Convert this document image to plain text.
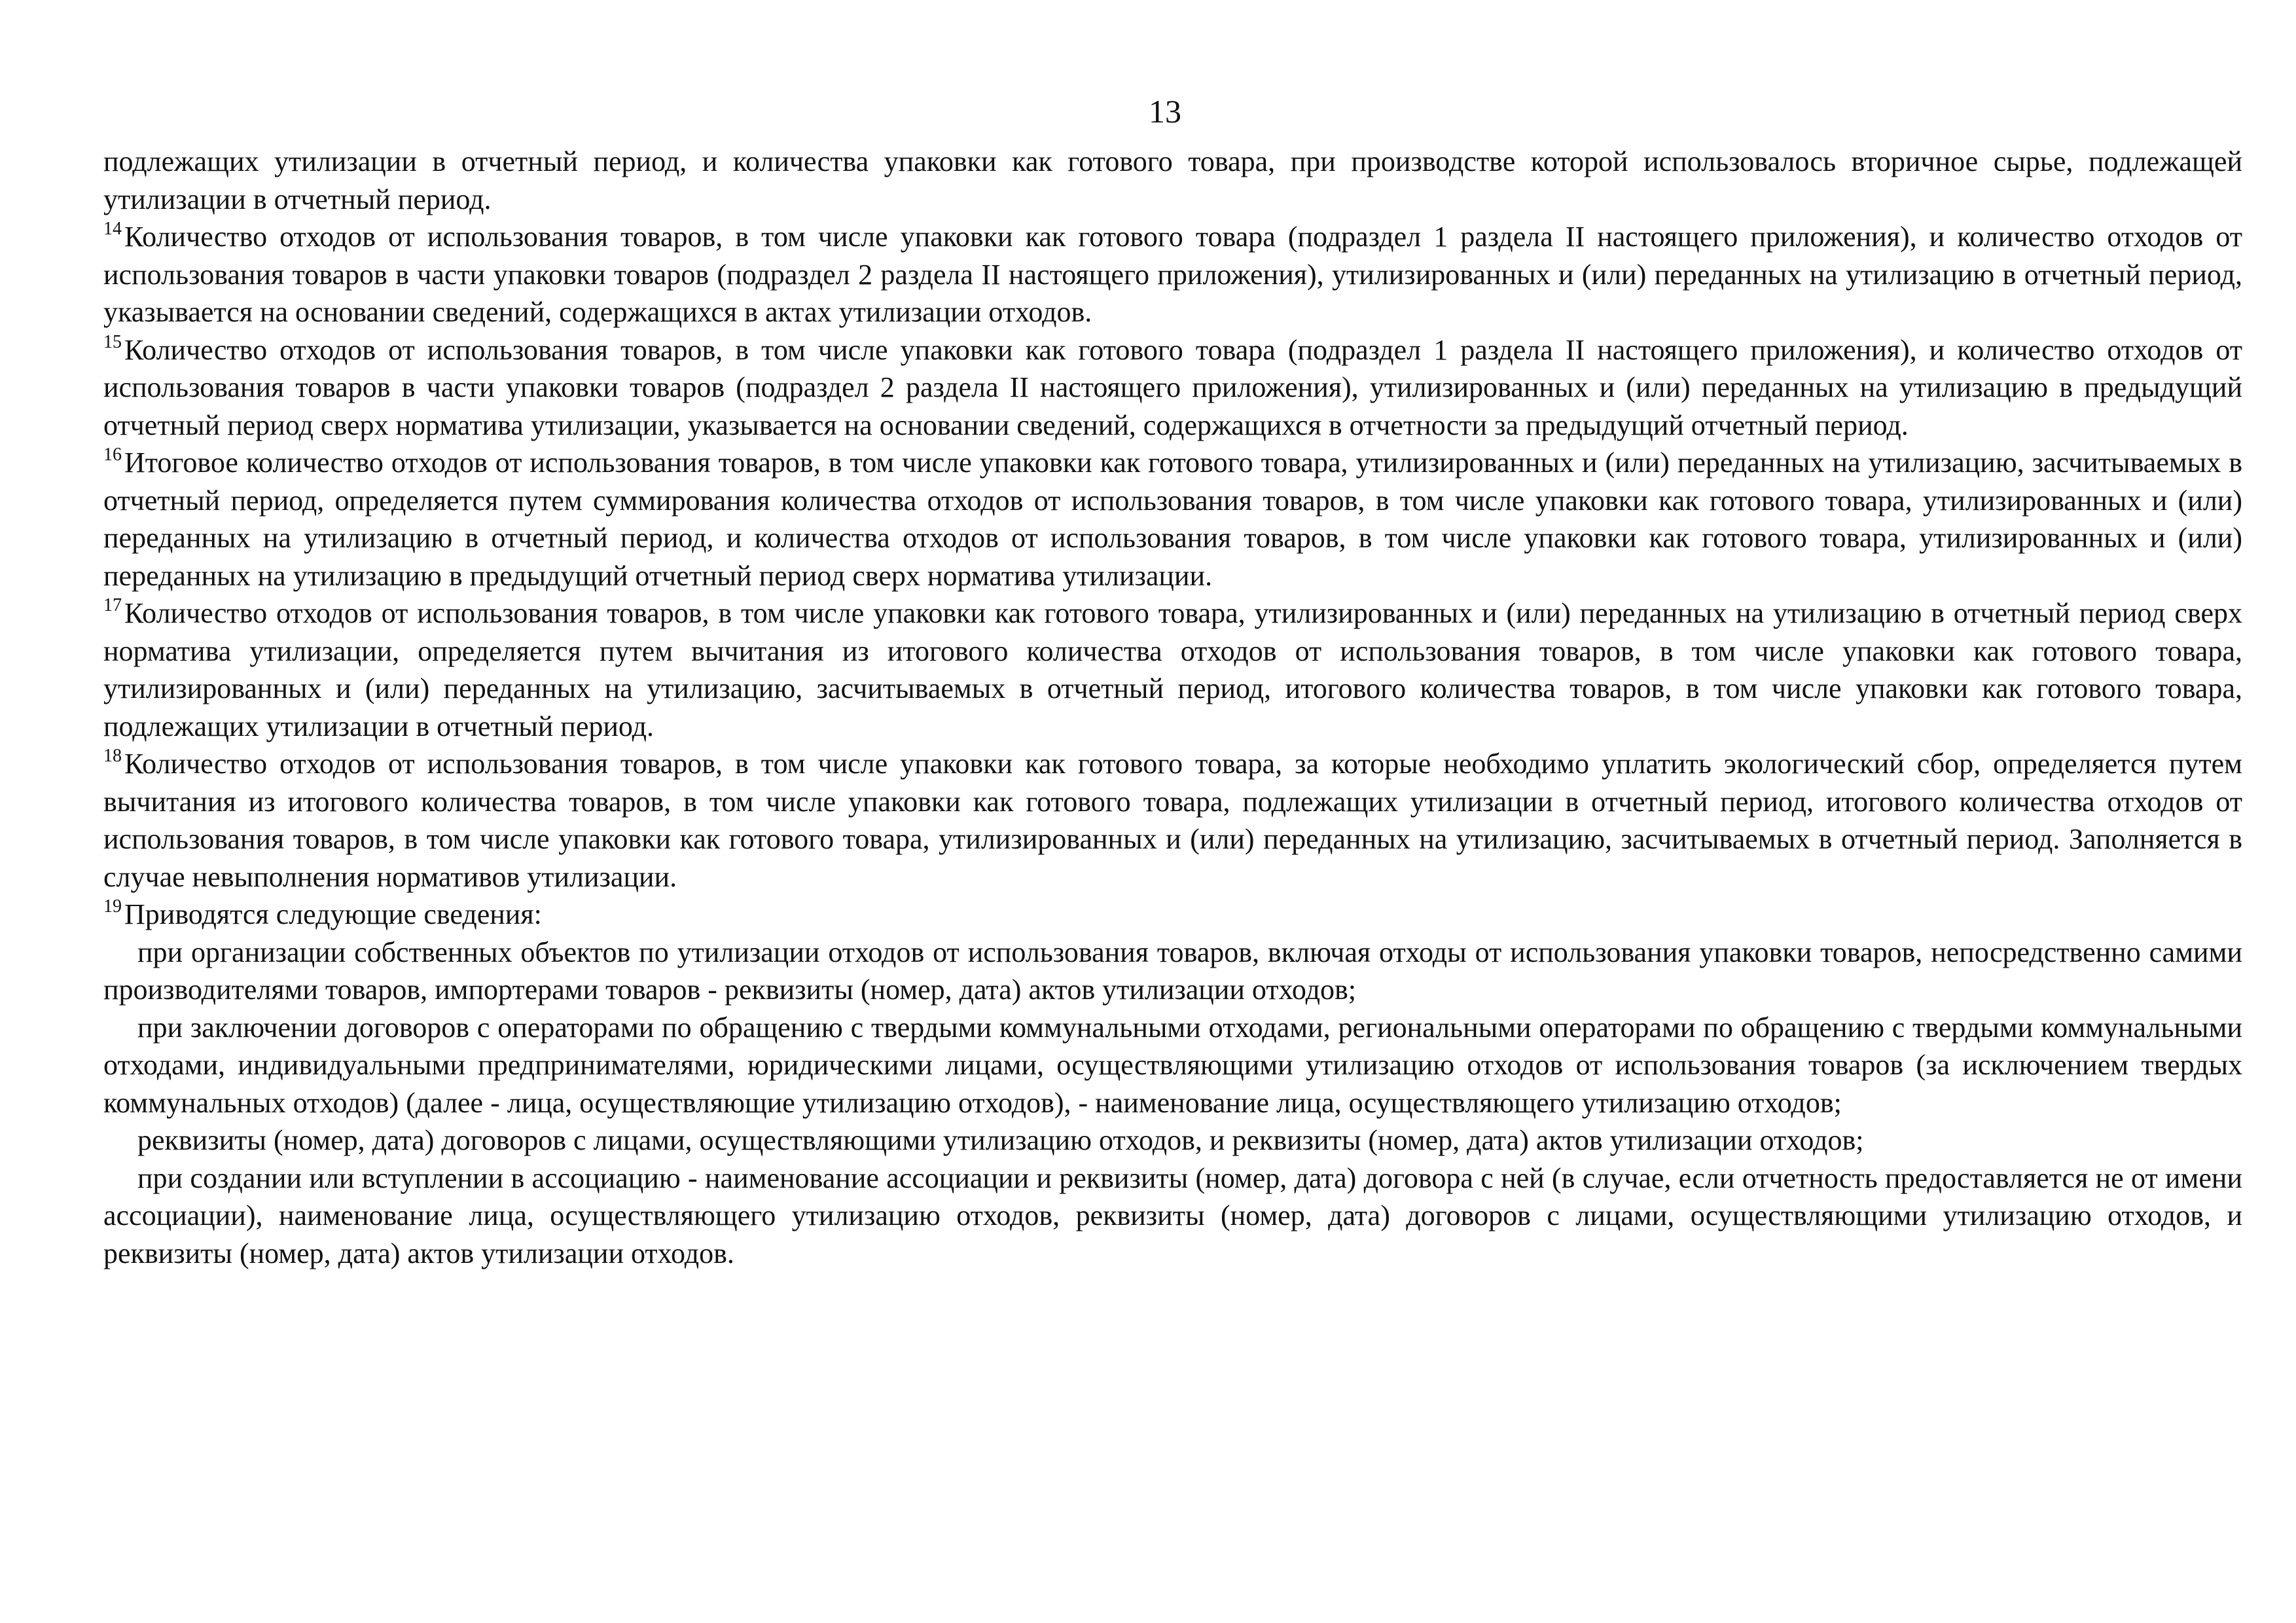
13

подлежащих утилизации в отчетный период, и количества упаковки как готового товара, при производстве которой использовалось вторичное сырье, подлежащей утилизации в отчетный период.

$^{14}$Количество отходов от использования товаров, в том числе упаковки как готового товара (подраздел 1 раздела II настоящего приложения), и количество отходов от использования товаров в части упаковки товаров (подраздел 2 раздела II настоящего приложения), утилизированных и (или) переданных на утилизацию в отчетный период, указывается на основании сведений, содержащихся в актах утилизации отходов.

$^{15}$Количество отходов от использования товаров, в том числе упаковки как готового товара (подраздел 1 раздела II настоящего приложения), и количество отходов от использования товаров в части упаковки товаров (подраздел 2 раздела II настоящего приложения), утилизированных и (или) переданных на утилизацию в предыдущий отчетный период сверх норматива утилизации, указывается на основании сведений, содержащихся в отчетности за предыдущий отчетный период.

$^{16}$Итоговое количество отходов от использования товаров, в том числе упаковки как готового товара, утилизированных и (или) переданных на утилизацию, засчитываемых в отчетный период, определяется путем суммирования количества отходов от использования товаров, в том числе упаковки как готового товара, утилизированных и (или) переданных на утилизацию в отчетный период, и количества отходов от использования товаров, в том числе упаковки как готового товара, утилизированных и (или) переданных на утилизацию в предыдущий отчетный период сверх норматива утилизации.

$^{17}$Количество отходов от использования товаров, в том числе упаковки как готового товара, утилизированных и (или) переданных на утилизацию в отчетный период сверх норматива утилизации, определяется путем вычитания из итогового количества отходов от использования товаров, в том числе упаковки как готового товара, утилизированных и (или) переданных на утилизацию, засчитываемых в отчетный период, итогового количества товаров, в том числе упаковки как готового товара, подлежащих утилизации в отчетный период.

$^{18}$Количество отходов от использования товаров, в том числе упаковки как готового товара, за которые необходимо уплатить экологический сбор, определяется путем вычитания из итогового количества товаров, в том числе упаковки как готового товара, подлежащих утилизации в отчетный период, итогового количества отходов от использования товаров, в том числе упаковки как готового товара, утилизированных и (или) переданных на утилизацию, засчитываемых в отчетный период. Заполняется в случае невыполнения нормативов утилизации.

$^{19}$Приводятся следующие сведения:

при организации собственных объектов по утилизации отходов от использования товаров, включая отходы от использования упаковки товаров, непосредственно самими производителями товаров, импортерами товаров - реквизиты (номер, дата) актов утилизации отходов;

при заключении договоров с операторами по обращению с твердыми коммунальными отходами, региональными операторами по обращению с твердыми коммунальными отходами, индивидуальными предпринимателями, юридическими лицами, осуществляющими утилизацию отходов от использования товаров (за исключением твердых коммунальных отходов) (далее - лица, осуществляющие утилизацию отходов), - наименование лица, осуществляющего утилизацию отходов;

реквизиты (номер, дата) договоров с лицами, осуществляющими утилизацию отходов, и реквизиты (номер, дата) актов утилизации отходов;

при создании или вступлении в ассоциацию - наименование ассоциации и реквизиты (номер, дата) договора с ней (в случае, если отчетность предоставляется не от имени ассоциации), наименование лица, осуществляющего утилизацию отходов, реквизиты (номер, дата) договоров с лицами, осуществляющими утилизацию отходов, и реквизиты (номер, дата) актов утилизации отходов.
